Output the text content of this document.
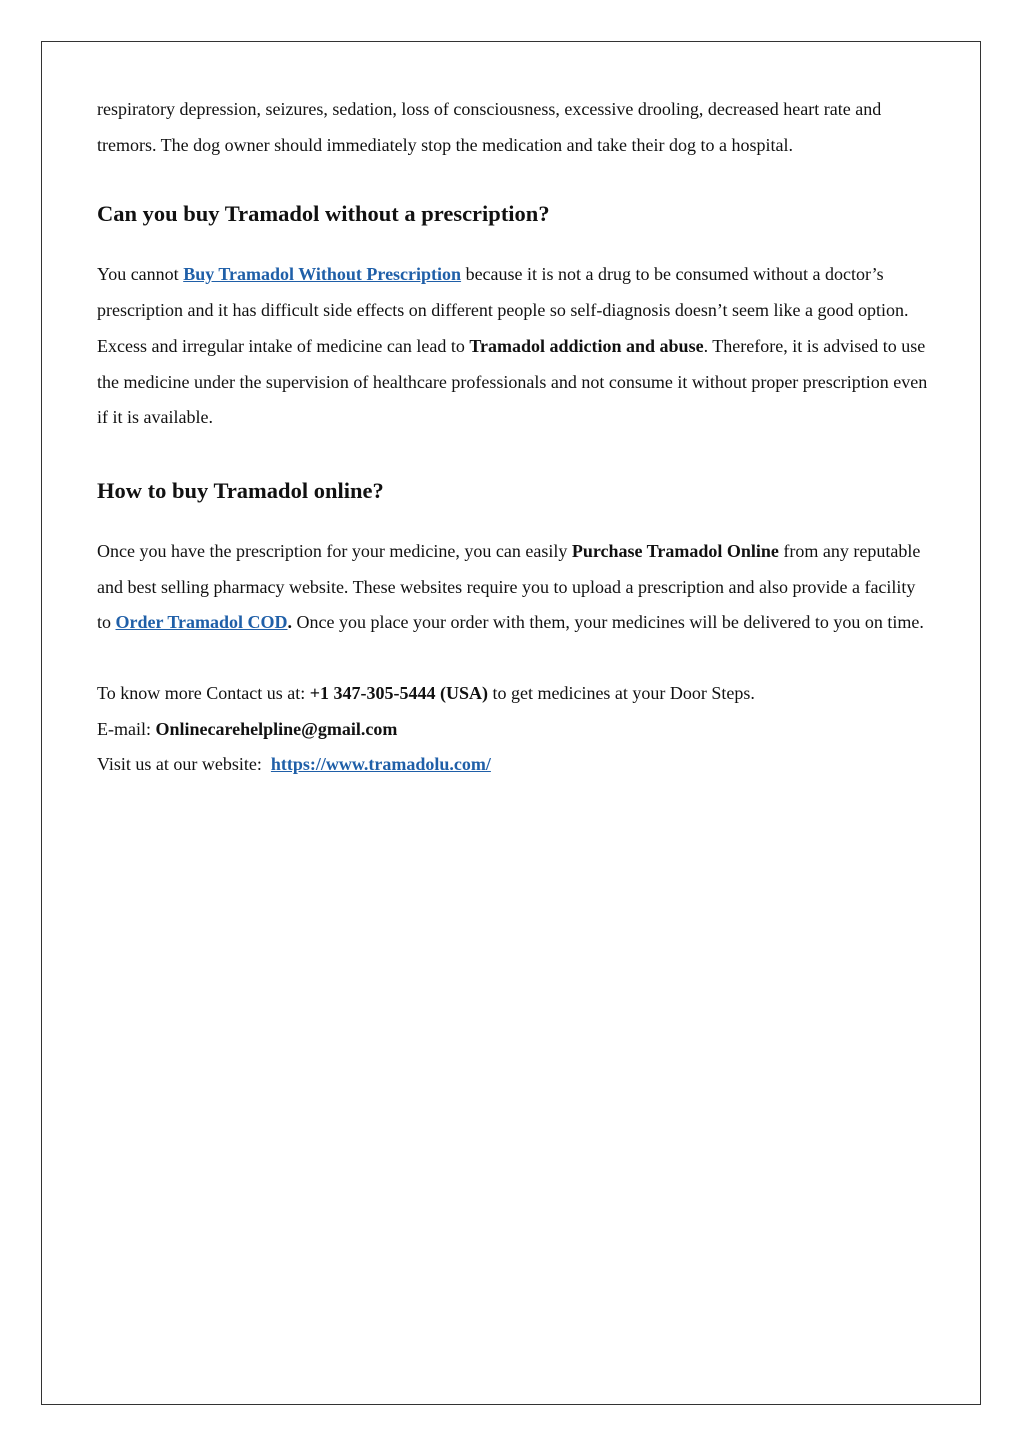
respiratory depression, seizures, sedation, loss of consciousness, excessive drooling, decreased heart rate and tremors. The dog owner should immediately stop the medication and take their dog to a hospital.

Can you buy Tramadol without a prescription?

You cannot Buy Tramadol Without Prescription because it is not a drug to be consumed without a doctor’s prescription and it has difficult side effects on different people so self-diagnosis doesn’t seem like a good option. Excess and irregular intake of medicine can lead to Tramadol addiction and abuse. Therefore, it is advised to use the medicine under the supervision of healthcare professionals and not consume it without proper prescription even if it is available.

How to buy Tramadol online?

Once you have the prescription for your medicine, you can easily Purchase Tramadol Online from any reputable and best selling pharmacy website. These websites require you to upload a prescription and also provide a facility to Order Tramadol COD. Once you place your order with them, your medicines will be delivered to you on time.

To know more Contact us at: +1 347-305-5444 (USA) to get medicines at your Door Steps.

E-mail: Onlinecarehelpline@gmail.com

Visit us at our website:  https://www.tramadolu.com/
